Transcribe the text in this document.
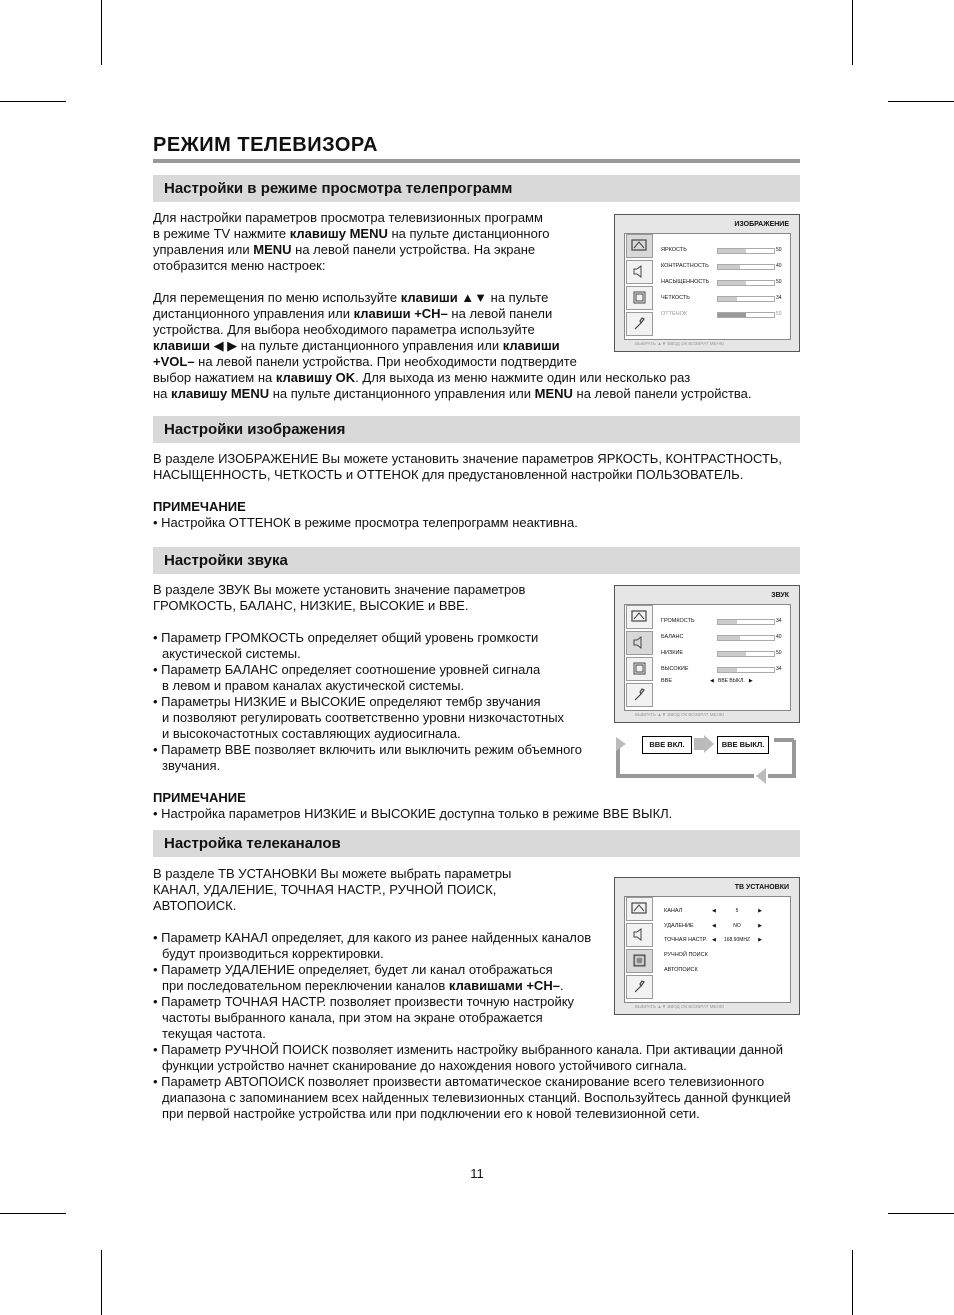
РЕЖИМ ТЕЛЕВИЗОРА
Настройки в режиме просмотра телепрограмм

Для настройки параметров просмотра телевизионных программ

в режиме TV нажмите клавишу MENU на пульте дистанционного

управления или MENU на левой панели устройства. На экране

отобразится меню настроек:

Для перемещения по меню используйте клавиши ▲▼ на пульте

дистанционного управления или клавиши +CH– на левой панели

устройства. Для выбора необходимого параметра используйте

клавиши ◀ ▶ на пульте дистанционного управления или клавиши

+VOL– на левой панели устройства. При необходимости подтвердите

выбор нажатием на клавишу OK. Для выхода из меню нажмите один или несколько раз

на клавишу MENU на пульте дистанционного управления или MENU на левой панели устройства.

ИЗОБРАЖЕНИЕ
ВЫБРАТЬ ▲▼ ВВОД ОК ВОЗВРАТ МЕНЮ
ЯРКОСТЬ	50
КОНТРАСТНОСТЬ	40
НАСЫЩЕННОСТЬ	50
ЧЕТКОСТЬ	34
ОТТЕНОК	50
Настройки изображения

В разделе ИЗОБРАЖЕНИЕ Вы можете установить значение параметров ЯРКОСТЬ, КОНТРАСТНОСТЬ,

НАСЫЩЕННОСТЬ, ЧЕТКОСТЬ и ОТТЕНОК для предустановленной настройки ПОЛЬЗОВАТЕЛЬ.

ПРИМЕЧАНИЕ

• Настройка ОТТЕНОК в режиме просмотра телепрограмм неактивна.
Настройки звука

В разделе ЗВУК Вы можете установить значение параметров

ГРОМКОСТЬ, БАЛАНС, НИЗКИЕ, ВЫСОКИЕ и BBE.

• Параметр ГРОМКОСТЬ определяет общий уровень громкости
акустической системы.
• Параметр БАЛАНС определяет соотношение уровней сигнала
в левом и правом каналах акустической системы.
• Параметры НИЗКИЕ и ВЫСОКИЕ определяют тембр звучания
и позволяют регулировать соответственно уровни низкочастотных
и высокочастотных составляющих аудиосигнала.
• Параметр BBE позволяет включить или выключить режим объемного
звучания.

ПРИМЕЧАНИЕ

• Настройка параметров НИЗКИЕ и ВЫСОКИЕ доступна только в режиме BBE ВЫКЛ.
ЗВУК
BBE	◀   BBE ВЫКЛ.   ▶
ВЫБРАТЬ ▲▼ ВВОД ОК ВОЗВРАТ МЕНЮ
ГРОМКОСТЬ	34
БАЛАНС	40
НИЗКИЕ	50
ВЫСОКИЕ	34
BBE ВКЛ.	BBE ВЫКЛ.
Настройка телеканалов

В разделе ТВ УСТАНОВКИ Вы можете выбрать параметры

КАНАЛ, УДАЛЕНИЕ, ТОЧНАЯ НАСТР., РУЧНОЙ ПОИСК,

АВТОПОИСК.

• Параметр КАНАЛ определяет, для какого из ранее найденных каналов
будут производиться корректировки.
• Параметр УДАЛЕНИЕ определяет, будет ли канал отображаться
при последовательном переключении каналов клавишами +CH–.
• Параметр ТОЧНАЯ НАСТР. позволяет произвести точную настройку
частоты выбранного канала, при этом на экране отображается
текущая частота.
• Параметр РУЧНОЙ ПОИСК позволяет изменить настройку выбранного канала. При активации данной
функции устройство начнет сканирование до нахождения нового устойчивого сигнала.
• Параметр АВТОПОИСК позволяет произвести автоматическое сканирование всего телевизионного
диапазона с запоминанием всех найденных телевизионных станций. Воспользуйтесь данной функцией
при первой настройке устройства или при подключении его к новой телевизионной сети.
ТВ УСТАНОВКИ
КАНАЛ	◀	5	▶
УДАЛЕНИЕ	◀	NO	▶
ТОЧНАЯ НАСТР. ◀ 168.90MHZ ▶
РУЧНОЙ ПОИСК
АВТОПОИСК
ВЫБРАТЬ ▲▼ ВВОД ОК ВОЗВРАТ МЕНЮ
11
